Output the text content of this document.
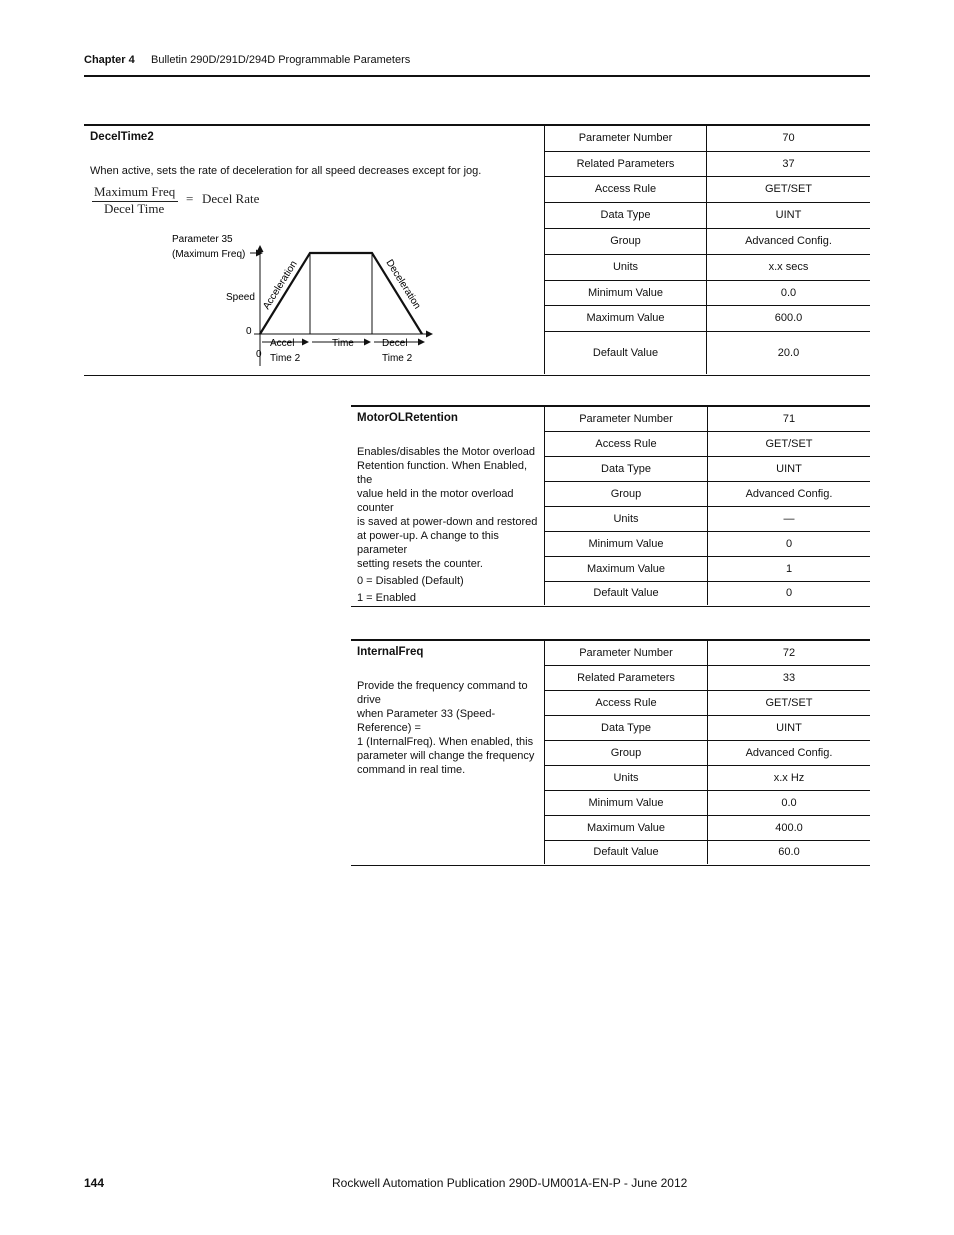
Chapter 4 Bulletin 290D/291D/294D Programmable Parameters
DecelTime2
When active, sets the rate of deceleration for all speed decreases except for jog.
Maximum Freq
Decel Time
= Decel Rate
Parameter 35
(Maximum Freq)
Speed
0
0
Acceleration	Deceleration
Accel
Time 2
Time	Decel
Time 2
Parameter Number	70
Related Parameters	37
Access Rule	GET/SET
Data Type	UINT
Group	Advanced Config.
Units	x.x secs
Minimum Value	0.0
Maximum Value	600.0
Default Value	20.0
MotorOLRetention
Enables/disables the Motor overload
Retention function. When Enabled, the
value held in the motor overload counter
is saved at power-down and restored
at power-up. A change to this parameter
setting resets the counter.
0 = Disabled (Default)
1 = Enabled
Parameter Number	71
Access Rule	GET/SET
Data Type	UINT
Group	Advanced Config.
Units	—
Minimum Value	0
Maximum Value	1
Default Value	0
InternalFreq
Provide the frequency command to drive
when Parameter 33 (Speed-Reference) =
1 (InternalFreq). When enabled, this
parameter will change the frequency
command in real time.
Parameter Number	72
Related Parameters	33
Access Rule	GET/SET
Data Type	UINT
Group	Advanced Config.
Units	x.x Hz
Minimum Value	0.0
Maximum Value	400.0
Default Value	60.0
144	Rockwell Automation Publication 290D-UM001A-EN-P - June 2012
